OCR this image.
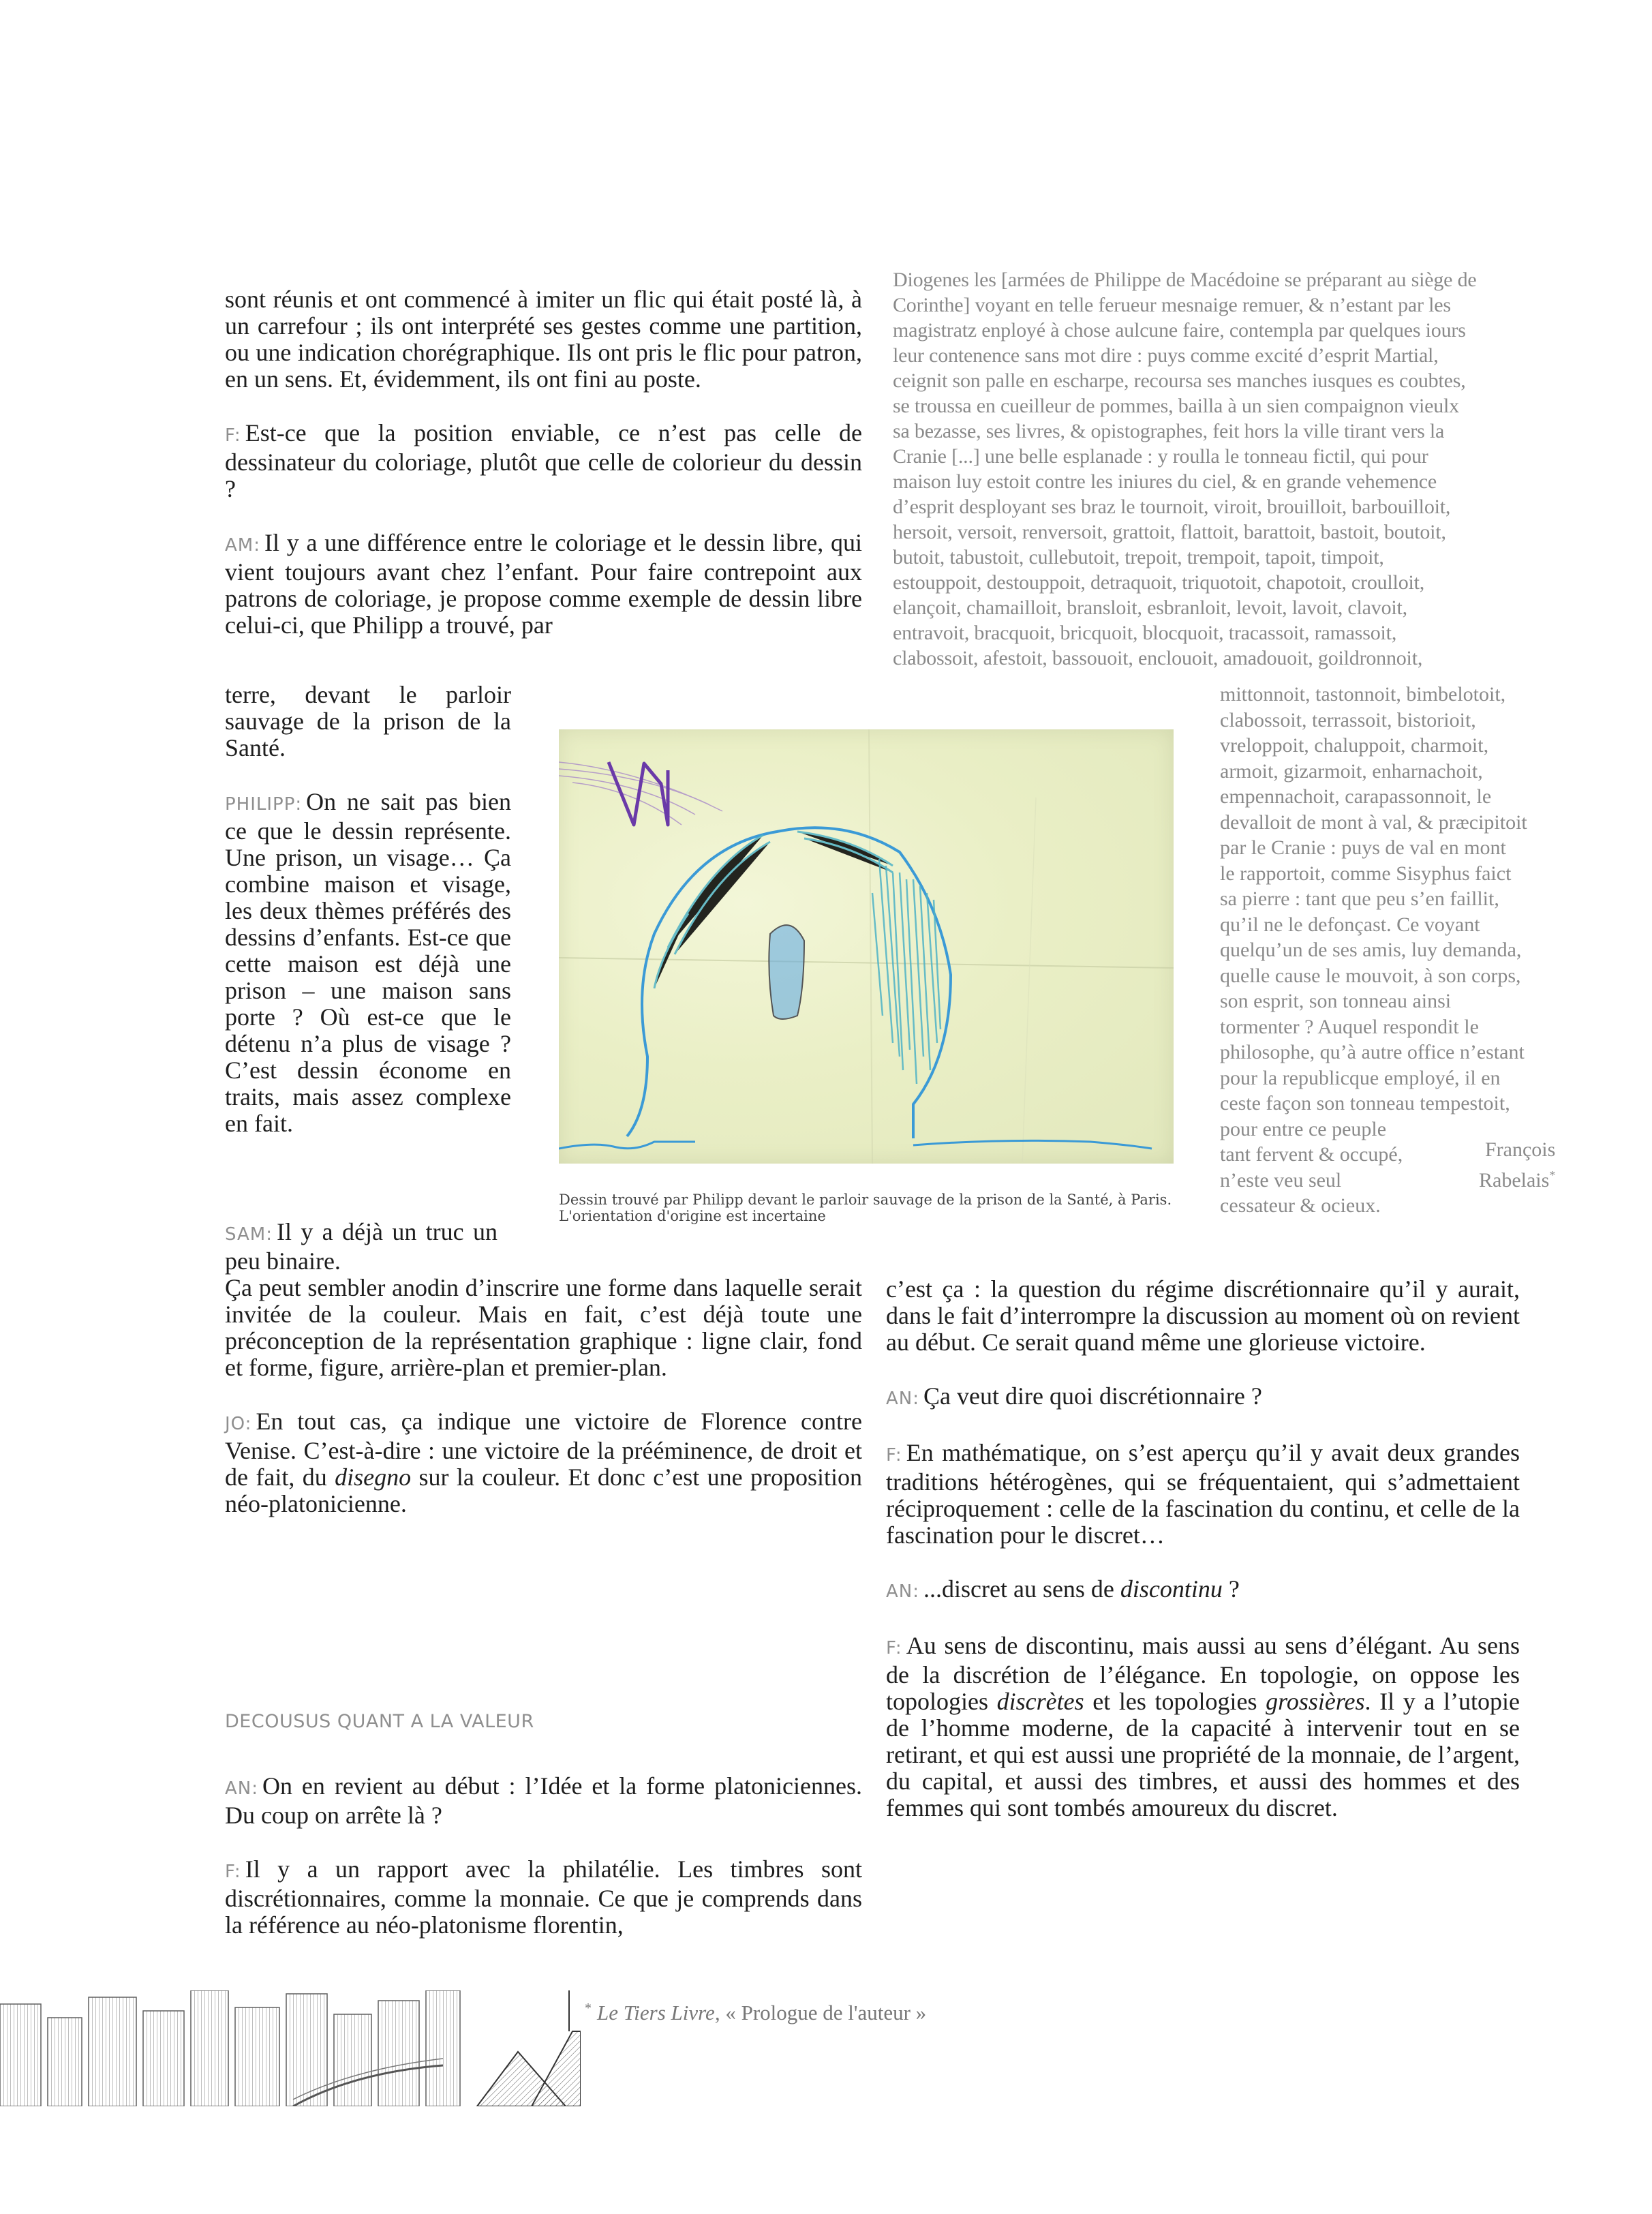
Diogenes les [armées de Philippe de Macédoine se préparant au siège de
Corinthe] voyant en telle ferueur mesnaige remuer, & n’estant par les
magistratz enployé à chose aulcune faire, contempla par quelques iours
leur contenence sans mot dire : puys comme excité d’esprit Martial,
ceignit son palle en escharpe, recoursa ses manches iusques es coubtes,
se troussa en cueilleur de pommes, bailla à un sien compaignon vieulx
sa bezasse, ses livres, & opistographes, feit hors la ville tirant vers la
Cranie [...] une belle esplanade : y roulla le tonneau fictil, qui pour
maison luy estoit contre les iniures du ciel, & en grande vehemence
d’esprit desployant ses braz le tournoit, viroit, brouilloit, barbouilloit,
hersoit, versoit, renversoit, grattoit, flattoit, barattoit, bastoit, boutoit,
butoit, tabustoit, cullebutoit, trepoit, trempoit, tapoit, timpoit,
estouppoit, destouppoit, detraquoit, triquotoit, chapotoit, croulloit,
elançoit, chamailloit, bransloit, esbranloit, levoit, lavoit, clavoit,
entravoit, bracquoit, bricquoit, blocquoit, tracassoit, ramassoit,
clabossoit, afestoit, bassouoit, enclouoit, amadouoit, goildronnoit,
mittonnoit, tastonnoit, bimbelotoit,
clabossoit, terrassoit, bistorioit,
vreloppoit, chaluppoit, charmoit,
armoit, gizarmoit, enharnachoit,
empennachoit, carapassonnoit, le
devalloit de mont à val, & præcipitoit
par le Cranie : puys de val en mont
le rapportoit, comme Sisyphus faict
sa pierre : tant que peu s’en faillit,
qu’il ne le defonçast. Ce voyant
quelqu’un de ses amis, luy demanda,
quelle cause le mouvoit, à son corps,
son esprit, son tonneau ainsi
tormenter ? Auquel respondit le
philosophe, qu’à autre office n’estant
pour la republicque employé, il en
ceste façon son tonneau tempestoit,
pour entre ce peuple
tant fervent & occupé,
n’este veu seul
cessateur & ocieux.
François
Rabelais*

sont réunis et ont commencé à imiter un flic qui était posté là, à un carrefour ; ils ont interprété ses gestes comme une partition, ou une indication chorégraphique. Ils ont pris le flic pour patron, en un sens. Et, évidemment, ils ont fini au poste.

F: Est-ce que la position enviable, ce n’est pas celle de dessinateur du coloriage, plutôt que celle de colorieur du dessin ?

AM: Il y a une différence entre le coloriage et le dessin libre, qui vient toujours avant chez l’enfant. Pour faire contrepoint aux patrons de coloriage, je propose comme exemple de dessin libre celui-ci, que Philipp a trouvé, par

terre, devant le parloir sauvage de la prison de la Santé.

PHILIPP: On ne sait pas bien ce que le dessin représente. Une prison, un visage… Ça combine maison et visage, les deux thèmes préférés des dessins d’enfants. Est-ce que cette maison est déjà une prison – une maison sans porte ? Où est-ce que le détenu n’a plus de visage ? C’est dessin économe en traits, mais assez complexe en fait.

Dessin trouvé par Philipp devant le parloir sauvage de la prison de la Santé, à Paris. L'orientation d'origine est incertaine

SAM: Il y a déjà un truc un peu binaire.

Ça peut sembler anodin d’inscrire une forme dans laquelle serait invitée de la couleur. Mais en fait, c’est déjà toute une préconception de la représentation graphique : ligne clair, fond et forme, figure, arrière-plan et premier-plan.

JO: En tout cas, ça indique une victoire de Florence contre Venise. C’est-à-dire : une victoire de la prééminence, de droit et de fait, du disegno sur la couleur. Et donc c’est une proposition néo-platonicienne.

DECOUSUS QUANT A LA VALEUR

AN: On en revient au début : l’Idée et la forme platoniciennes. Du coup on arrête là ?

F: Il y a un rapport avec la philatélie. Les timbres sont discrétionnaires, comme la monnaie. Ce que je comprends dans la référence au néo-platonisme florentin,

c’est ça : la question du régime discrétionnaire qu’il y aurait, dans le fait d’interrompre la discussion au moment où on revient au début. Ce serait quand même une glorieuse victoire.

AN: Ça veut dire quoi discrétionnaire ?

F: En mathématique, on s’est aperçu qu’il y avait deux grandes traditions hétérogènes, qui se fréquentaient, qui s’admettaient réciproquement : celle de la fascination du continu, et celle de la fascination pour le discret…

AN: ...discret au sens de discontinu ?

F: Au sens de discontinu, mais aussi au sens d’élégant. Au sens de la discrétion de l’élégance. En topologie, on oppose les topologies discrètes et les topologies grossières. Il y a l’utopie de l’homme moderne, de la capacité à intervenir tout en se retirant, et qui est aussi une propriété de la monnaie, de l’argent, du capital, et aussi des timbres, et aussi des hommes et des femmes qui sont tombés amoureux du discret.

* Le Tiers Livre, « Prologue de l'auteur »
